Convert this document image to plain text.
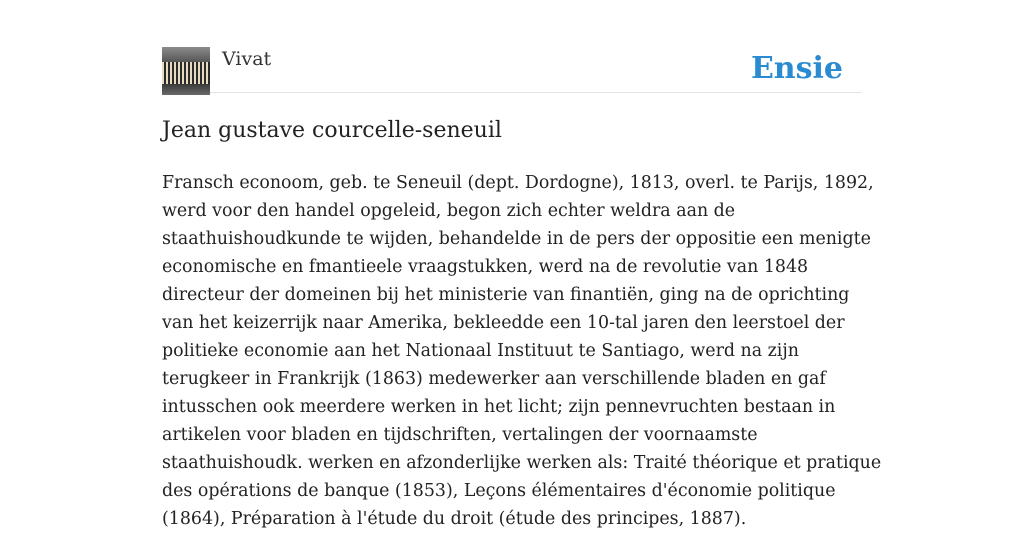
Vivat	Ensie
Jean gustave courcelle-seneuil
Fransch econoom, geb. te Seneuil (dept. Dordogne), 1813, overl. te Parijs, 1892,
werd voor den handel opgeleid, begon zich echter weldra aan de
staathuishoudkunde te wijden, behandelde in de pers der oppositie een menigte
economische en fmantieele vraagstukken, werd na de revolutie van 1848
directeur der domeinen bij het ministerie van finantiën, ging na de oprichting
van het keizerrijk naar Amerika, bekleedde een 10-tal jaren den leerstoel der
politieke economie aan het Nationaal Instituut te Santiago, werd na zijn
terugkeer in Frankrijk (1863) medewerker aan verschillende bladen en gaf
intusschen ook meerdere werken in het licht; zijn pennevruchten bestaan in
artikelen voor bladen en tijdschriften, vertalingen der voornaamste
staathuishoudk. werken en afzonderlijke werken als: Traité théorique et pratique
des opérations de banque (1853), Leçons élémentaires d'économie politique
(1864), Préparation à l'étude du droit (étude des principes, 1887).
